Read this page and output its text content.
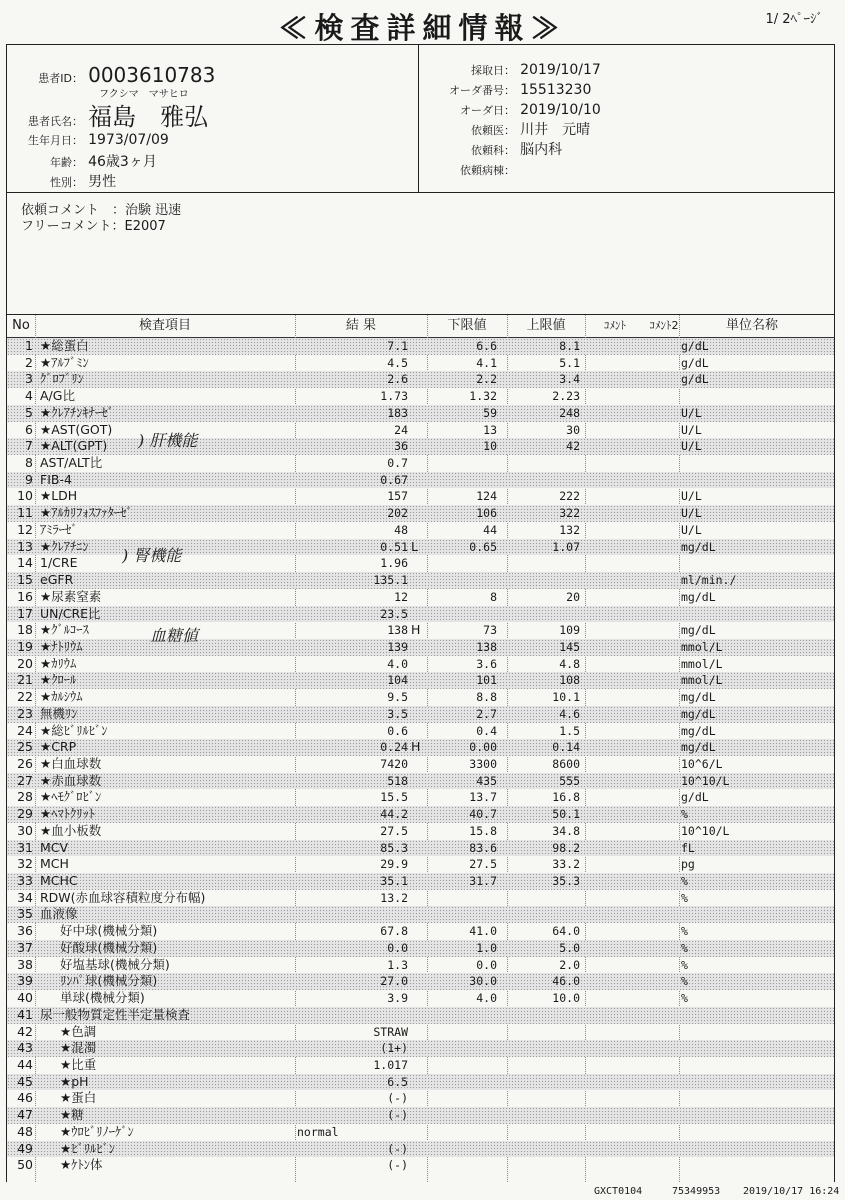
≪検査詳細情報≫	1/ 2ﾍﾟｰｼﾞ
患者ID： 0003610783
フクシマ　マサヒロ
患者氏名： 福島　雅弘
生年月日： 1973/07/09
年齢： 46歳3ヶ月
性別： 男性
採取日： 2019/10/17
オーダ番号： 15513230
オーダ日： 2019/10/10
依頼医： 川井　元晴
依頼科： 脳内科
依頼病棟：
依頼コメント　：治験 迅速
フリーコメント：E2007
No	検査項目	結 果	下限値	上限値	ｺﾒﾝﾄ	ｺﾒﾝﾄ2	単位名称
1 ★総蛋白	7.1	6.6	8.1	g/dL
2 ★ｱﾙﾌﾞﾐﾝ	4.5	4.1	5.1	g/dL
3 ｸﾞﾛﾌﾞﾘﾝ	2.6	2.2	3.4	g/dL
4 A/G比	1.73	1.32	2.23
5 ★ｸﾚｱﾁﾝｷﾅｰｾﾞ	183	59	248	U/L
6 ★AST(GOT)	24	13	30	U/L
7 ★ALT(GPT)	36	10	42	U/L
8 AST/ALT比	0.7
9 FIB-4	0.67
10 ★LDH	157	124	222	U/L
11 ★ｱﾙｶﾘﾌｫｽﾌｧﾀｰｾﾞ	202	106	322	U/L
12 ｱﾐﾗｰｾﾞ	48	44	132	U/L
13 ★ｸﾚｱﾁﾆﾝ	0.51 L	0.65	1.07	mg/dL
14 1/CRE	1.96
15 eGFR	135.1	ml/min./
16 ★尿素窒素	12	8	20	mg/dL
17 UN/CRE比	23.5
18 ★ｸﾞﾙｺｰｽ	138 H	73	109	mg/dL
19 ★ﾅﾄﾘｳﾑ	139	138	145	mmol/L
20 ★ｶﾘｳﾑ	4.0	3.6	4.8	mmol/L
21 ★ｸﾛｰﾙ	104	101	108	mmol/L
22 ★ｶﾙｼｳﾑ	9.5	8.8	10.1	mg/dL
23 無機ﾘﾝ	3.5	2.7	4.6	mg/dL
24 ★総ﾋﾞﾘﾙﾋﾞﾝ	0.6	0.4	1.5	mg/dL
25 ★CRP	0.24 H	0.00	0.14	mg/dL
26 ★白血球数	7420	3300	8600	10^6/L
27 ★赤血球数	518	435	555	10^10/L
28 ★ﾍﾓｸﾞﾛﾋﾞﾝ	15.5	13.7	16.8	g/dL
29 ★ﾍﾏﾄｸﾘｯﾄ	44.2	40.7	50.1	%
30 ★血小板数	27.5	15.8	34.8	10^10/L
31 MCV	85.3	83.6	98.2	fL
32 MCH	29.9	27.5	33.2	pg
33 MCHC	35.1	31.7	35.3	%
34 RDW(赤血球容積粒度分布幅)	13.2	%
35 血液像
36	好中球(機械分類)	67.8	41.0	64.0	%
37	好酸球(機械分類)	0.0	1.0	5.0	%
38	好塩基球(機械分類)	1.3	0.0	2.0	%
39	ﾘﾝﾊﾟ球(機械分類)	27.0	30.0	46.0	%
40	単球(機械分類)	3.9	4.0	10.0	%
41 尿一般物質定性半定量検査
42	★色調	STRAW
43	★混濁	(1+)
44	★比重	1.017
45	★pH	6.5
46	★蛋白	(-)
47	★糖	(-)
48	★ｳﾛﾋﾞﾘﾉｰｹﾞﾝ	normal
49	★ﾋﾞﾘﾙﾋﾞﾝ	(-)
50	★ｹﾄﾝ体	(-)
) 肝機能
) 腎機能
血糖値
GXCT0104	75349953 2019/10/17 16:24
